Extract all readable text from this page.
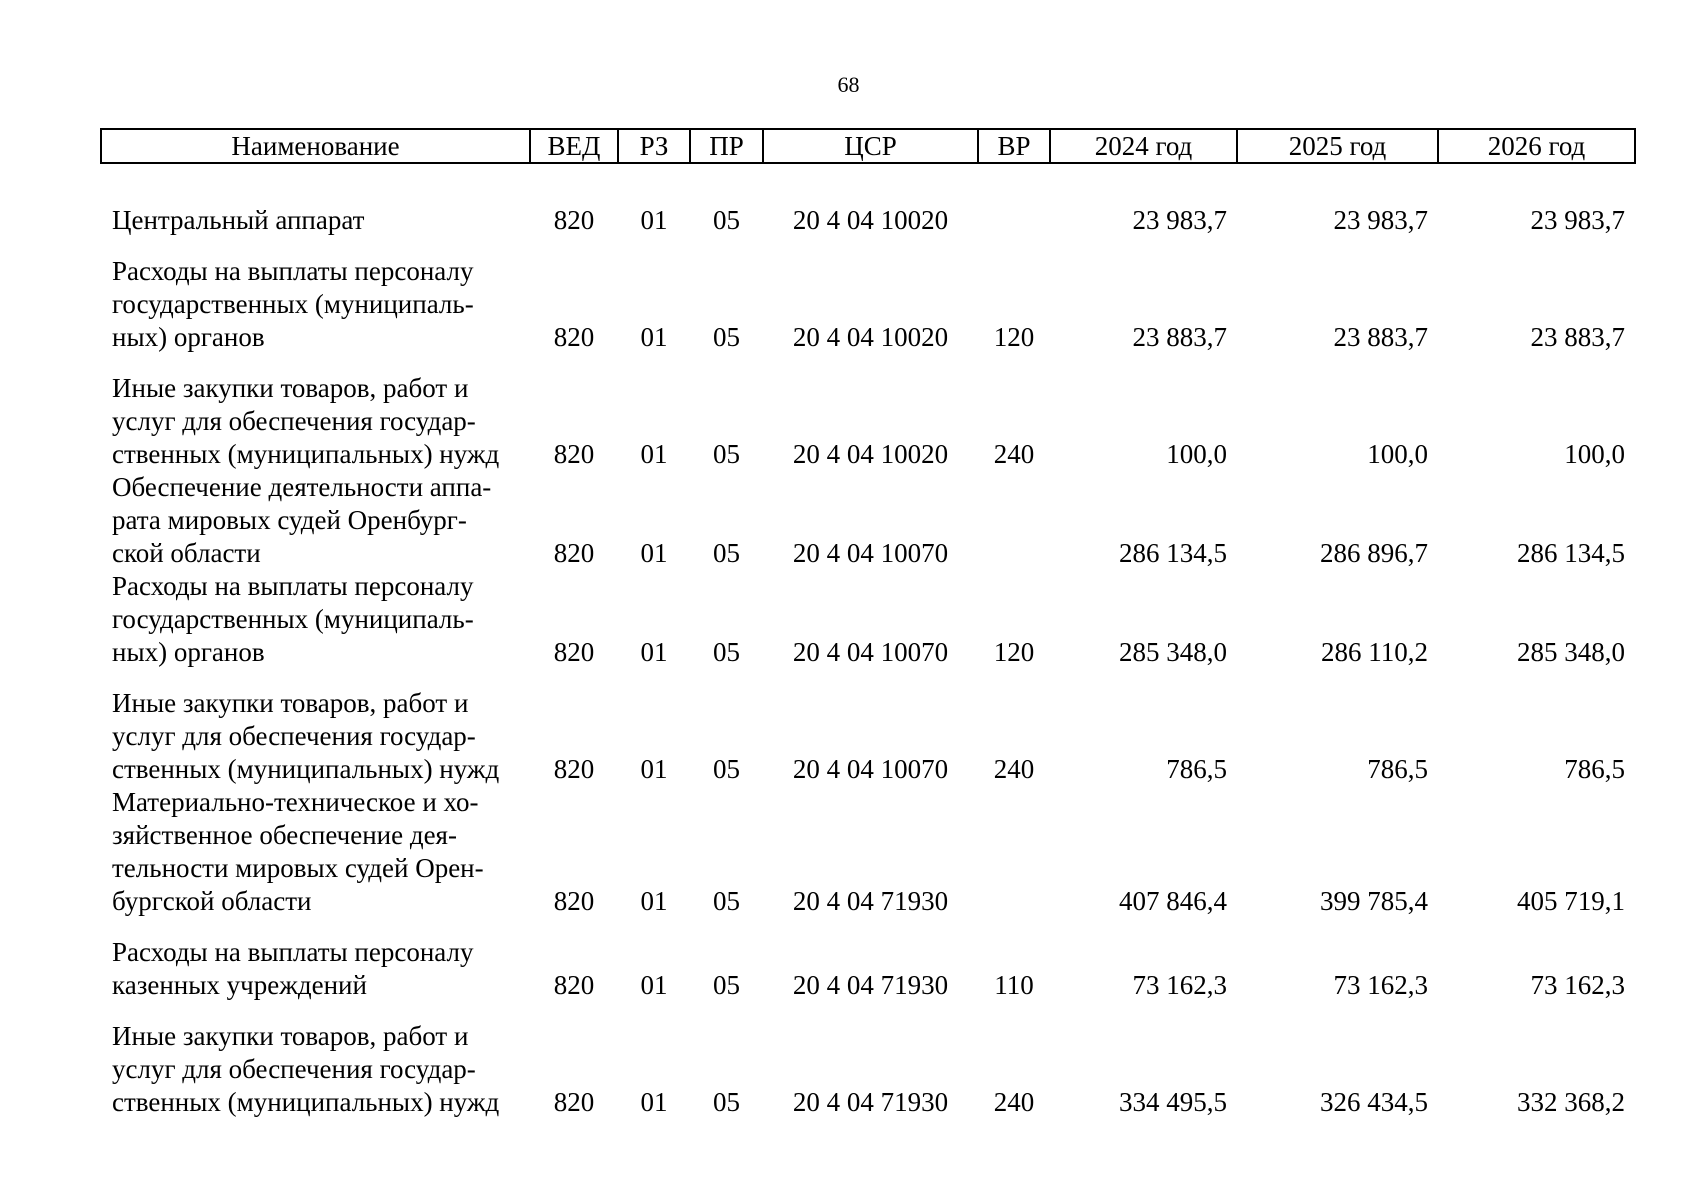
68
Наименование	ВЕД	РЗ	ПР	ЦСР	ВР	2024 год	2025 год	2026 год

Центральный аппарат	820	01	05	20 4 04 10020		23 983,7	23 983,7	23 983,7
Расходы на выплаты персоналу
государственных (муниципаль-
ных) органов	820	01	05	20 4 04 10020	120	23 883,7	23 883,7	23 883,7
Иные закупки товаров, работ и
услуг для обеспечения государ-
ственных (муниципальных) нужд	820	01	05	20 4 04 10020	240	100,0	100,0	100,0
Обеспечение деятельности аппа-
рата мировых судей Оренбург-
ской области	820	01	05	20 4 04 10070		286 134,5	286 896,7	286 134,5
Расходы на выплаты персоналу
государственных (муниципаль-
ных) органов	820	01	05	20 4 04 10070	120	285 348,0	286 110,2	285 348,0
Иные закупки товаров, работ и
услуг для обеспечения государ-
ственных (муниципальных) нужд	820	01	05	20 4 04 10070	240	786,5	786,5	786,5
Материально-техническое и хо-
зяйственное обеспечение дея-
тельности мировых судей Орен-
бургской области	820	01	05	20 4 04 71930		407 846,4	399 785,4	405 719,1
Расходы на выплаты персоналу
казенных учреждений	820	01	05	20 4 04 71930	110	73 162,3	73 162,3	73 162,3
Иные закупки товаров, работ и
услуг для обеспечения государ-
ственных (муниципальных) нужд	820	01	05	20 4 04 71930	240	334 495,5	326 434,5	332 368,2
